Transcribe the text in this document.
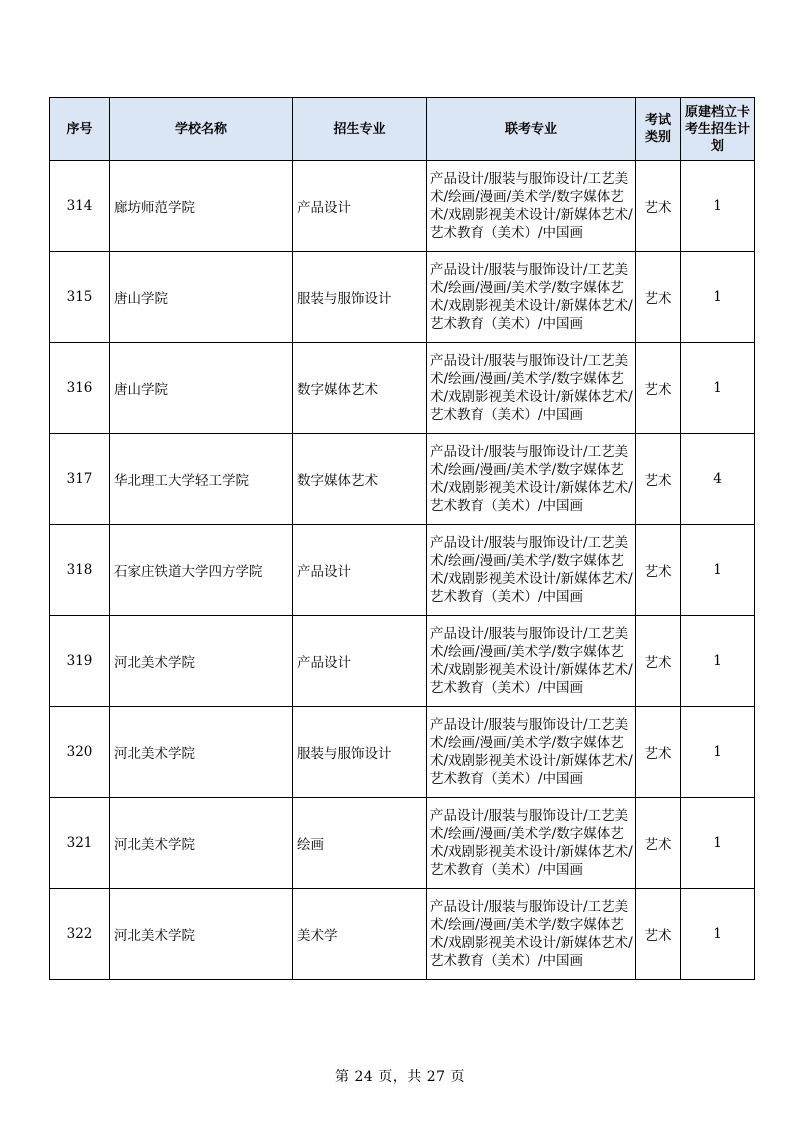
序号	学校名称	招生专业	联考专业	考试类别	原建档立卡考生招生计划

314	廊坊师范学院	产品设计	产品设计/服装与服饰设计/工艺美术/绘画/漫画/美术学/数字媒体艺术/戏剧影视美术设计/新媒体艺术/艺术教育（美术）/中国画	艺术	1
315	唐山学院	服装与服饰设计	产品设计/服装与服饰设计/工艺美术/绘画/漫画/美术学/数字媒体艺术/戏剧影视美术设计/新媒体艺术/艺术教育（美术）/中国画	艺术	1
316	唐山学院	数字媒体艺术	产品设计/服装与服饰设计/工艺美术/绘画/漫画/美术学/数字媒体艺术/戏剧影视美术设计/新媒体艺术/艺术教育（美术）/中国画	艺术	1
317	华北理工大学轻工学院	数字媒体艺术	产品设计/服装与服饰设计/工艺美术/绘画/漫画/美术学/数字媒体艺术/戏剧影视美术设计/新媒体艺术/艺术教育（美术）/中国画	艺术	4
318	石家庄铁道大学四方学院	产品设计	产品设计/服装与服饰设计/工艺美术/绘画/漫画/美术学/数字媒体艺术/戏剧影视美术设计/新媒体艺术/艺术教育（美术）/中国画	艺术	1
319	河北美术学院	产品设计	产品设计/服装与服饰设计/工艺美术/绘画/漫画/美术学/数字媒体艺术/戏剧影视美术设计/新媒体艺术/艺术教育（美术）/中国画	艺术	1
320	河北美术学院	服装与服饰设计	产品设计/服装与服饰设计/工艺美术/绘画/漫画/美术学/数字媒体艺术/戏剧影视美术设计/新媒体艺术/艺术教育（美术）/中国画	艺术	1
321	河北美术学院	绘画	产品设计/服装与服饰设计/工艺美术/绘画/漫画/美术学/数字媒体艺术/戏剧影视美术设计/新媒体艺术/艺术教育（美术）/中国画	艺术	1
322	河北美术学院	美术学	产品设计/服装与服饰设计/工艺美术/绘画/漫画/美术学/数字媒体艺术/戏剧影视美术设计/新媒体艺术/艺术教育（美术）/中国画	艺术	1
第 24 页，共 27 页
